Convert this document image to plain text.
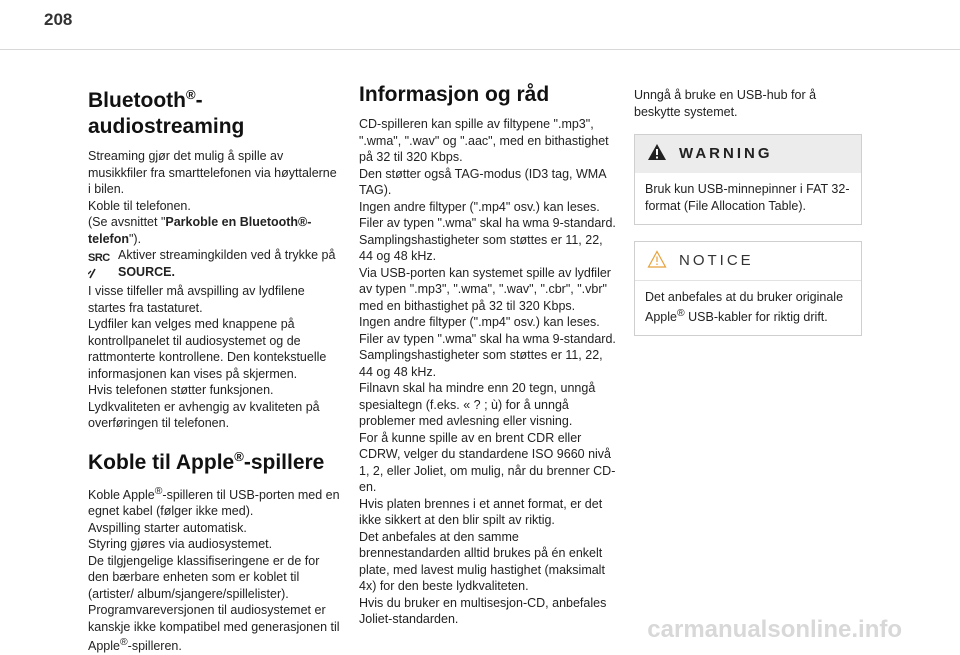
208
Bluetooth®-audiostreaming

Streaming gjør det mulig å spille av musikkfiler fra smarttelefonen via høyttalerne i bilen.

Koble til telefonen.

(Se avsnittet "Parkoble en Bluetooth®-telefon").

SRC Aktiver streamingkilden ved å trykke på SOURCE.

I visse tilfeller må avspilling av lydfilene startes fra tastaturet.

Lydfiler kan velges med knappene på kontrollpanelet til audiosystemet og de rattmonterte kontrollene. Den kontekstuelle informasjonen kan vises på skjermen.

Hvis telefonen støtter funksjonen. Lydkvaliteten er avhengig av kvaliteten på overføringen til telefonen.

Koble til Apple®-spillere

Koble Apple®-spilleren til USB-porten med en egnet kabel (følger ikke med).

Avspilling starter automatisk.

Styring gjøres via audiosystemet.

De tilgjengelige klassifiseringene er de for den bærbare enheten som er koblet til (artister/ album/sjangere/spillelister).

Programvareversjonen til audiosystemet er kanskje ikke kompatibel med generasjonen til Apple®-spilleren.

Informasjon og råd

CD-spilleren kan spille av filtypene ".mp3", ".wma", ".wav" og ".aac", med en bithastighet på 32 til 320 Kbps.

Den støtter også TAG-modus (ID3 tag, WMA TAG).

Ingen andre filtyper (".mp4" osv.) kan leses.

Filer av typen ".wma" skal ha wma 9-standard.

Samplingshastigheter som støttes er 11, 22, 44 og 48 kHz.

Via USB-porten kan systemet spille av lydfiler av typen ".mp3", ".wma", ".wav", ".cbr", ".vbr" med en bithastighet på 32 til 320 Kbps.

Ingen andre filtyper (".mp4" osv.) kan leses.

Filer av typen ".wma" skal ha wma 9-standard.

Samplingshastigheter som støttes er 11, 22, 44 og 48 kHz.

Filnavn skal ha mindre enn 20 tegn, unngå spesialtegn (f.eks. « ? ; ù) for å unngå problemer med avlesning eller visning.

For å kunne spille av en brent CDR eller CDRW, velger du standardene ISO 9660 nivå 1, 2, eller Joliet, om mulig, når du brenner CD-en.

Hvis platen brennes i et annet format, er det ikke sikkert at den blir spilt av riktig.

Det anbefales at den samme brennestandarden alltid brukes på én enkelt plate, med lavest mulig hastighet (maksimalt 4x) for den beste lydkvaliteten.

Hvis du bruker en multisesjon-CD, anbefales Joliet-standarden.

Unngå å bruke en USB-hub for å beskytte systemet.

WARNING
Bruk kun USB-minnepinner i FAT 32-format (File Allocation Table).
NOTICE
Det anbefales at du bruker originale Apple® USB-kabler for riktig drift.
carmanualsonline.info
